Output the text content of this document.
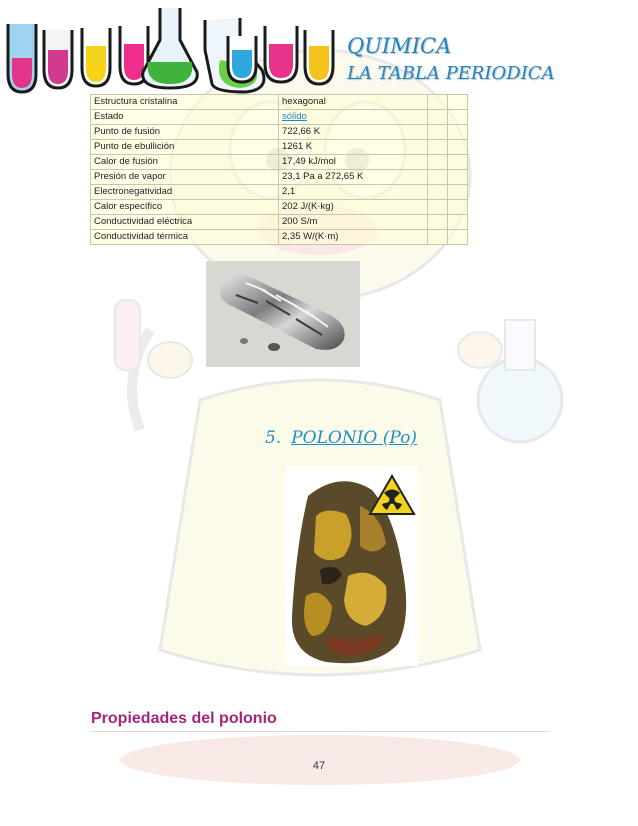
QUIMICA
LA TABLA PERIODICA
Estructura cristalina	hexagonal		
Estado	sólido		
Punto de fusión	722,66 K		
Punto de ebullición	1261 K		
Calor de fusión	17,49 kJ/mol		
Presión de vapor	23,1 Pa a 272,65 K		
Electronegatividad	2,1		
Calor específico	202 J/(K·kg)		
Conductividad eléctrica	200 S/m		
Conductividad térmica	2,35 W/(K·m)		
5. POLONIO (Po)
Propiedades del polonio
47
